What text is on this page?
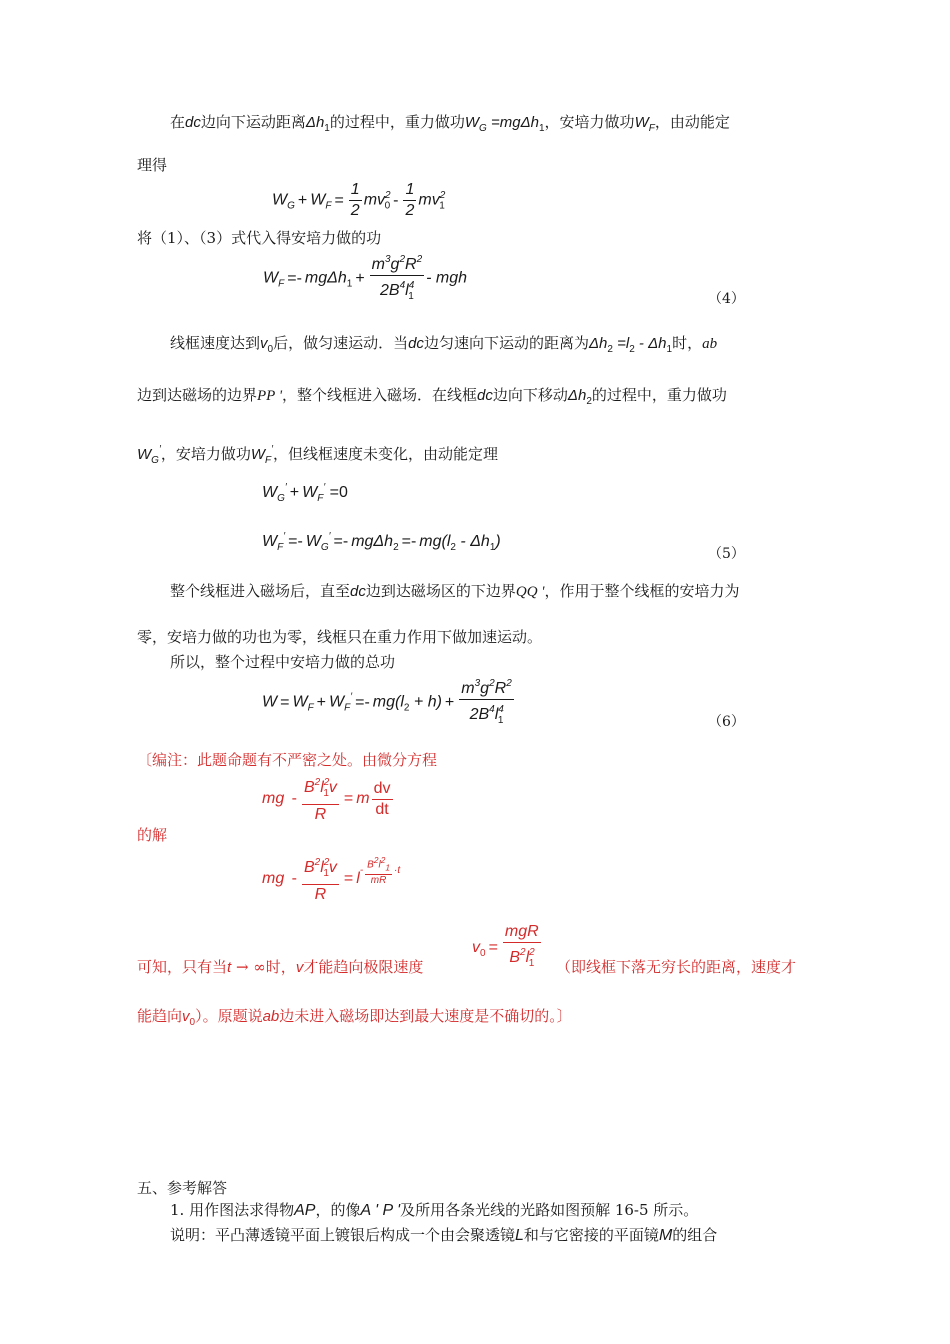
在dc边向下运动距离$\Delta h_1$的过程中，重力做功$W_G =mg\Delta h_1$，安培力做功$W_F$，由动能定
理得
$W_G + W_F = \frac{1}{2} mv^2_0 - \frac{1}{2} mv^2_1$
将（1）、（3）式代入得安培力做的功
$W_F =- mg\Delta h_1 + \frac{m^3g^2R^2}{2B^4l^4_1}$ - mgh
（4）
线框速度达到$v_0$后，做匀速运动．当dc边匀速向下运动的距离为$\Delta h_2 =l_2 - \Delta h_1$时，ab
边到达磁场的边界PP '，整个线框进入磁场．在线框dc边向下移动$\Delta h_2$的过程中，重力做功
$W_G'$，安培力做功$W_F'$，但线框速度未变化，由动能定理
$W_G' + W_F' =0$
$W_F' =- W_G' =- mg\Delta h_2 =- mg(l_2 - \Delta h_1)$
（5）
整个线框进入磁场后，直至dc边到达磁场区的下边界QQ '，作用于整个线框的安培力为
零，安培力做的功也为零，线框只在重力作用下做加速运动。
所以，整个过程中安培力做的总功
$W = W_F + W_F' =- mg(l_2 + h) + \frac{m^3g^2R^2}{2B^4l^4_1}$	（6）
〔编注：此题命题有不严密之处。由微分方程
mg - $\frac{B^2l^2_1v}{R} = m \frac{dv}{dt}$
的解
mg - $\frac{B^2l^2_1v}{R} = l^{- \frac{B^2l^2_1}{mR} \cdot t}$
可知，只有当t → ∞时，v才能趋向极限速度
$v_0 = \frac{\text{mgR}}{B^2l^2_1}$ （即线框下落无穷长的距离，速度才
能趋向$v_0$）。原题说ab边未进入磁场即达到最大速度是不确切的。〕
五、参考解答
1. 用作图法求得物AP，的像A ' P '及所用各条光线的光路如图预解 16-5 所示。
说明：平凸薄透镜平面上镀银后构成一个由会聚透镜L和与它密接的平面镜M的组合
